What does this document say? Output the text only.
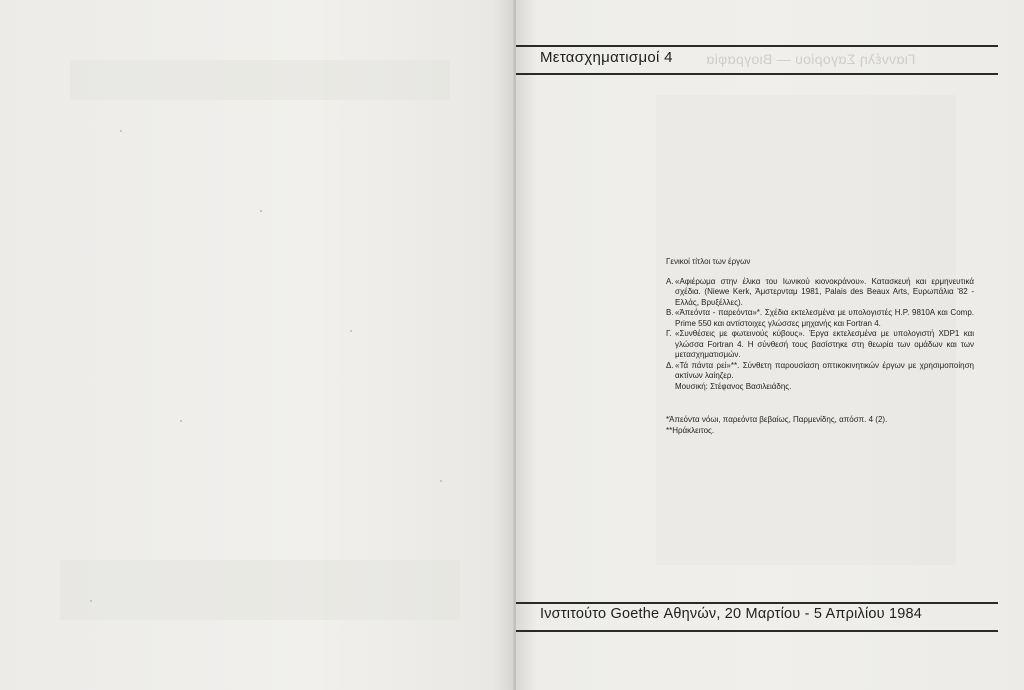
Μετασχηματισμοί 4 Γιαννέλη Σαγορίου — Βιογραφία
Γενικοί τίτλοι των έργων
Α. «Αφιέρωμα στην έλικα του Ιωνικού κιονοκράνου». Κατασκευή και ερμηνευτικά σχέδια. (Niewe Kerk, Άμστερνταμ 1981, Palais des Beaux Arts, Ευρωπάλια '82 - Ελλάς, Βρυξέλλες).
Β. «Άπεόντα - παρεόντα»*. Σχέδια εκτελεσμένα με υπολογιστές H.P. 9810A και Comp. Prime 550 και αντίστοιχες γλώσσες μηχανής και Fortran 4.
Γ. «Συνθέσεις με φωτεινούς κύβους». Έργα εκτελεσμένα με υπολογιστή XDP1 και γλώσσα Fortran 4. Η σύνθεσή τους βασίστηκε στη θεωρία των ομάδων και των μετασχηματισμών.
Δ. «Τά πάντα ρεί»**. Σύνθετη παρουσίαση οπτικοκινητικών έργων με χρησιμοποίηση ακτίνων λαίηζερ.
Μουσική: Στέφανος Βασιλειάδης.
*Άπεόντα νόωι, παρεόντα βεβαίως, Παρμενίδης, απόσπ. 4 (2).
**Ηράκλειτος.
Ινστιτούτο Goethe Αθηνών, 20 Μαρτίου - 5 Απριλίου 1984
